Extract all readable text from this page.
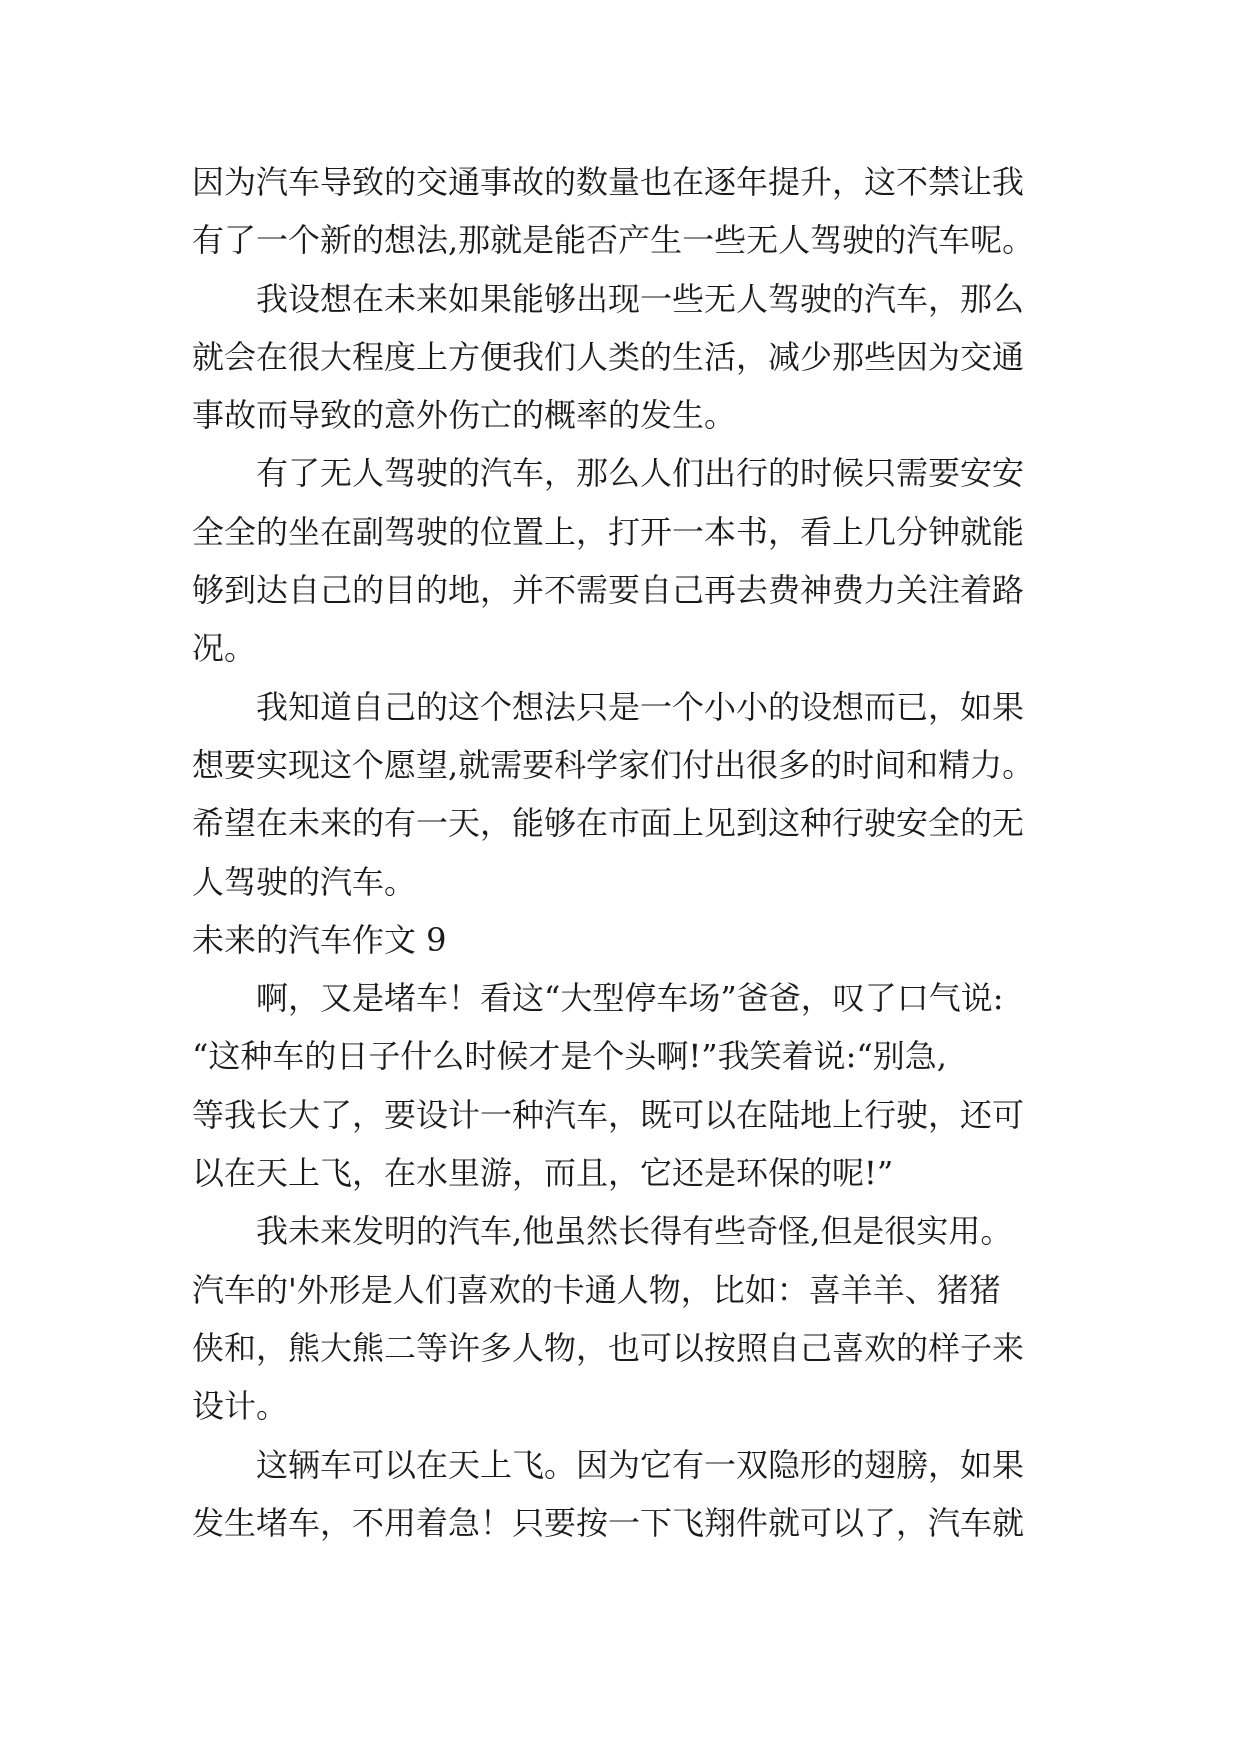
因为汽车导致的交通事故的数量也在逐年提升，这不禁让我
有了一个新的想法,那就是能否产生一些无人驾驶的汽车呢。
我设想在未来如果能够出现一些无人驾驶的汽车，那么
就会在很大程度上方便我们人类的生活，减少那些因为交通
事故而导致的意外伤亡的概率的发生。
有了无人驾驶的汽车，那么人们出行的时候只需要安安
全全的坐在副驾驶的位置上，打开一本书，看上几分钟就能
够到达自己的目的地，并不需要自己再去费神费力关注着路
况。
我知道自己的这个想法只是一个小小的设想而已，如果
想要实现这个愿望,就需要科学家们付出很多的时间和精力。
希望在未来的有一天，能够在市面上见到这种行驶安全的无
人驾驶的汽车。
未来的汽车作文 9
啊，又是堵车！看这“大型停车场”爸爸，叹了口气说:
“这种车的日子什么时候才是个头啊!”我笑着说:“别急,
等我长大了，要设计一种汽车，既可以在陆地上行驶，还可
以在天上飞，在水里游，而且，它还是环保的呢!”
我未来发明的汽车,他虽然长得有些奇怪,但是很实用。
汽车的'外形是人们喜欢的卡通人物，比如：喜羊羊、猪猪
侠和，熊大熊二等许多人物，也可以按照自己喜欢的样子来
设计。
这辆车可以在天上飞。因为它有一双隐形的翅膀，如果
发生堵车，不用着急！只要按一下飞翔件就可以了，汽车就
